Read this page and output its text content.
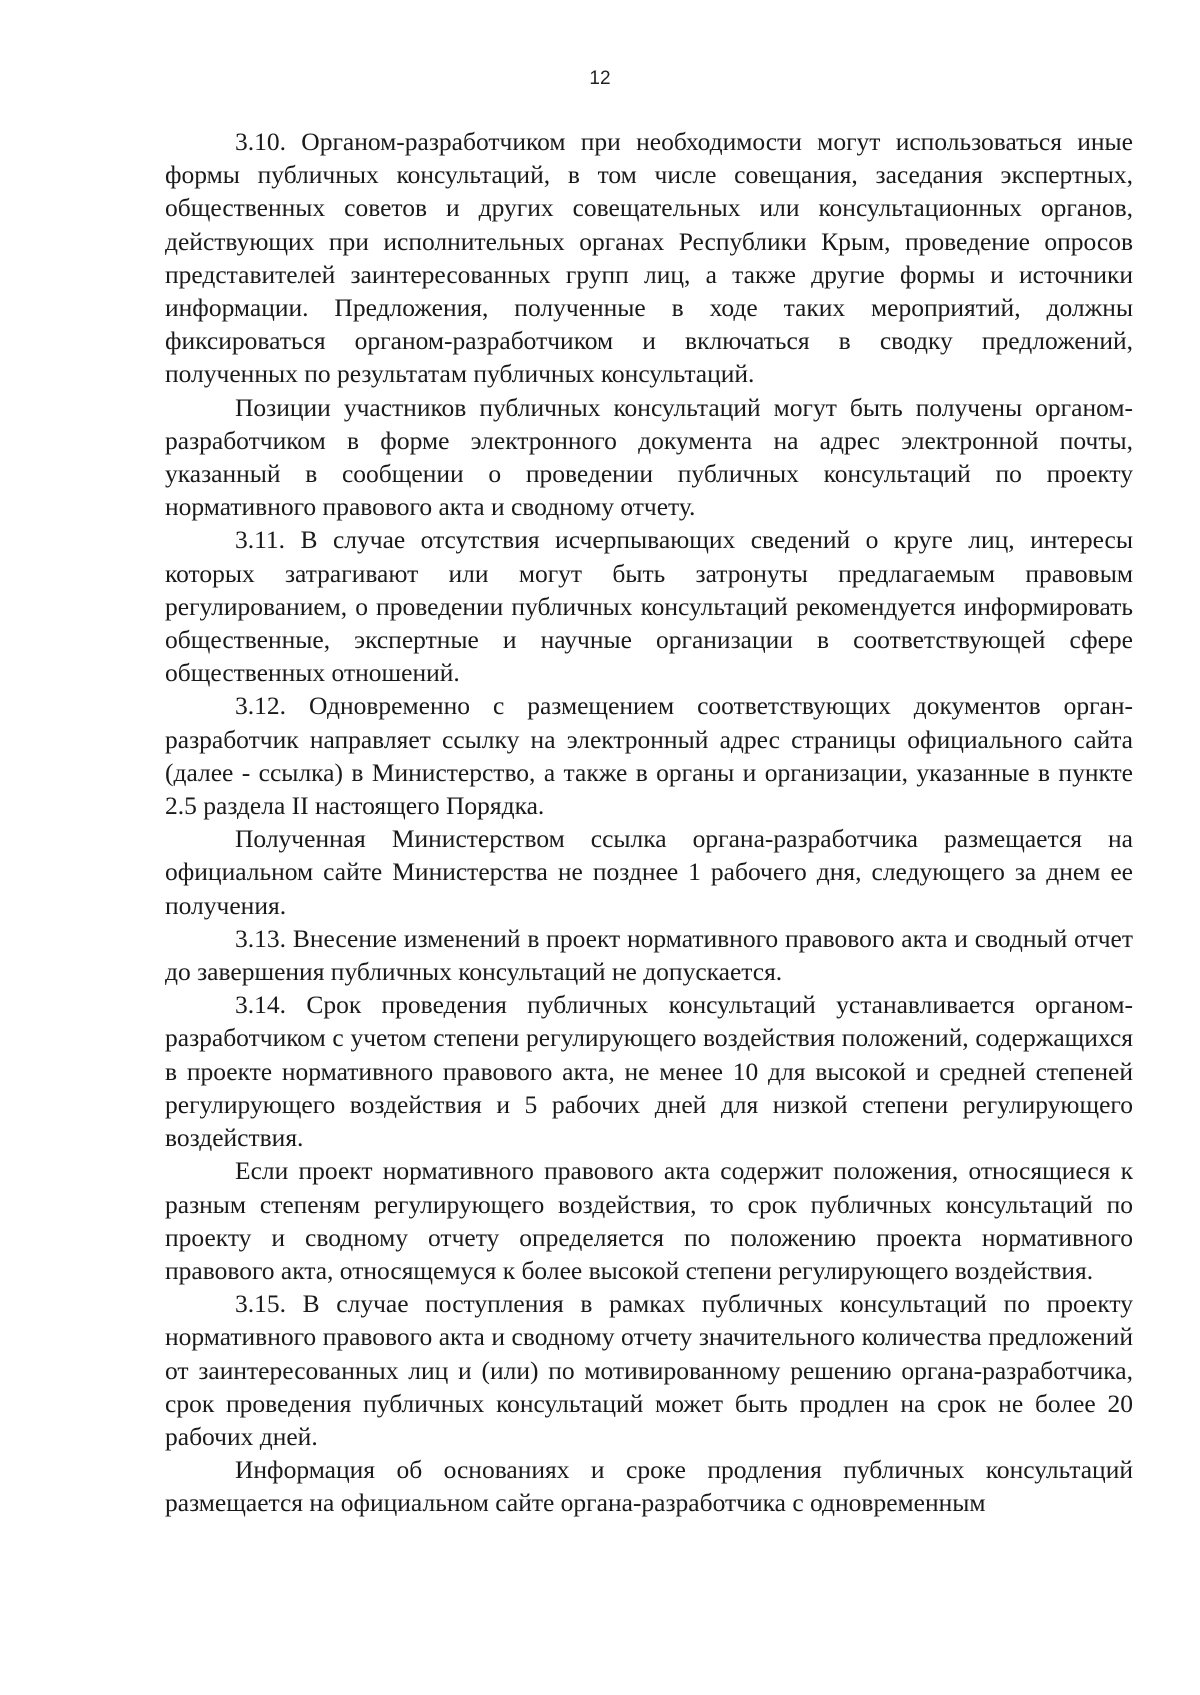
12

3.10. Органом-разработчиком при необходимости могут использоваться иные формы публичных консультаций, в том числе совещания, заседания экспертных, общественных советов и других совещательных или консультационных органов, действующих при исполнительных органах Республики Крым, проведение опросов представителей заинтересованных групп лиц, а также другие формы и источники информации. Предложения, полученные в ходе таких мероприятий, должны фиксироваться органом-разработчиком и включаться в сводку предложений, полученных по результатам публичных консультаций.

Позиции участников публичных консультаций могут быть получены органом-разработчиком в форме электронного документа на адрес электронной почты, указанный в сообщении о проведении публичных консультаций по проекту нормативного правового акта и сводному отчету.

3.11. В случае отсутствия исчерпывающих сведений о круге лиц, интересы которых затрагивают или могут быть затронуты предлагаемым правовым регулированием, о проведении публичных консультаций рекомендуется информировать общественные, экспертные и научные организации в соответствующей сфере общественных отношений.

3.12. Одновременно с размещением соответствующих документов орган-разработчик направляет ссылку на электронный адрес страницы официального сайта (далее - ссылка) в Министерство, а также в органы и организации, указанные в пункте 2.5 раздела II настоящего Порядка.

Полученная Министерством ссылка органа-разработчика размещается на официальном сайте Министерства не позднее 1 рабочего дня, следующего за днем ее получения.

3.13. Внесение изменений в проект нормативного правового акта и сводный отчет до завершения публичных консультаций не допускается.

3.14. Срок проведения публичных консультаций устанавливается органом-разработчиком с учетом степени регулирующего воздействия положений, содержащихся в проекте нормативного правового акта, не менее 10 для высокой и средней степеней регулирующего воздействия и 5 рабочих дней для низкой степени регулирующего воздействия.

Если проект нормативного правового акта содержит положения, относящиеся к разным степеням регулирующего воздействия, то срок публичных консультаций по проекту и сводному отчету определяется по положению проекта нормативного правового акта, относящемуся к более высокой степени регулирующего воздействия.

3.15. В случае поступления в рамках публичных консультаций по проекту нормативного правового акта и сводному отчету значительного количества предложений от заинтересованных лиц и (или) по мотивированному решению органа-разработчика, срок проведения публичных консультаций может быть продлен на срок не более 20 рабочих дней.

Информация об основаниях и сроке продления публичных консультаций размещается на официальном сайте органа-разработчика с одновременным
